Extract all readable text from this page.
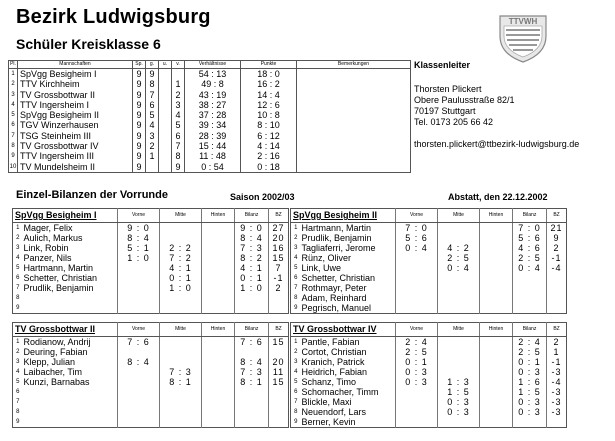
Bezirk Ludwigsburg
Schüler Kreisklasse 6
TTVWH
Pl.	Mannschaften	Sp.	g.	u.	v.	Verhältnisse	Punkte	Bemerkungen
1	SpVgg Besigheim I	9	9			54 : 13	18 : 0	
2	TTV Kirchheim	9	8		1	49 : 8	16 : 2	
3	TV Grossbottwar II	9	7		2	43 : 19	14 : 4	
4	TTV Ingersheim I	9	6		3	38 : 27	12 : 6	
5	SpVgg Besigheim II	9	5		4	37 : 28	10 : 8	
6	TGV Winzerhausen	9	4		5	39 : 34	8 : 10	
7	TSG Steinheim III	9	3		6	28 : 39	6 : 12	
8	TV Grossbottwar IV	9	2		7	15 : 44	4 : 14	
9	TTV Ingersheim III	9	1		8	11 : 48	2 : 16	
10	TV Mundelsheim II	9			9	0 : 54	0 : 18	
Klassenleiter
Thorsten Plickert
Obere Paulusstraße 82/1
70197 Stuttgart
Tel. 0173 205 66 42
thorsten.plickert@ttbezirk-ludwigsburg.de
Einzel-Bilanzen der Vorrunde	Saison 2002/03	Abstatt, den 22.12.2002
SpVgg Besigheim I		Vorne	Mitte	Hinten	Bilanz	BZ
1	Mager, Felix	9 : 0			9 : 0	27
2	Aulich, Markus	8 : 4			8 : 4	20
3	Link, Robin	5 : 1	2 : 2		7 : 3	16
4	Panzer, Nils	1 : 0	7 : 2		8 : 2	15
5	Hartmann, Martin		4 : 1		4 : 1	7
6	Schetter, Christian		0 : 1		0 : 1	-1
7	Prudlik, Benjamin		1 : 0		1 : 0	2
8						
9						
SpVgg Besigheim II		Vorne	Mitte	Hinten	Bilanz	BZ
1	Hartmann, Martin	7 : 0			7 : 0	21
2	Prudlik, Benjamin	5 : 6			5 : 6	9
3	Tagliaferri, Jerome	0 : 4	4 : 2		4 : 6	2
4	Rünz, Oliver		2 : 5		2 : 5	-1
5	Link, Uwe		0 : 4		0 : 4	-4
6	Schetter, Christian					
7	Rothmayr, Peter					
8	Adam, Reinhard					
9	Pegrisch, Manuel					
TV Grossbottwar II		Vorne	Mitte	Hinten	Bilanz	BZ
1	Rodianow, Andrij	7 : 6			7 : 6	15
2	Deuring, Fabian					
3	Klepp, Julian	8 : 4			8 : 4	20
4	Laibacher, Tim		7 : 3		7 : 3	11
5	Kunzi, Barnabas		8 : 1		8 : 1	15
6						
7						
8						
9						
TV Grossbottwar IV		Vorne	Mitte	Hinten	Bilanz	BZ
1	Pantle, Fabian	2 : 4			2 : 4	2
2	Cortot, Christian	2 : 5			2 : 5	1
3	Kranich, Patrick	0 : 1			0 : 1	-1
4	Heidrich, Fabian	0 : 3			0 : 3	-3
5	Schanz, Timo	0 : 3	1 : 3		1 : 6	-4
6	Schomacher, Timm		1 : 5		1 : 5	-3
7	Blickle, Maxi		0 : 3		0 : 3	-3
8	Neuendorf, Lars		0 : 3		0 : 3	-3
9	Berner, Kevin					
